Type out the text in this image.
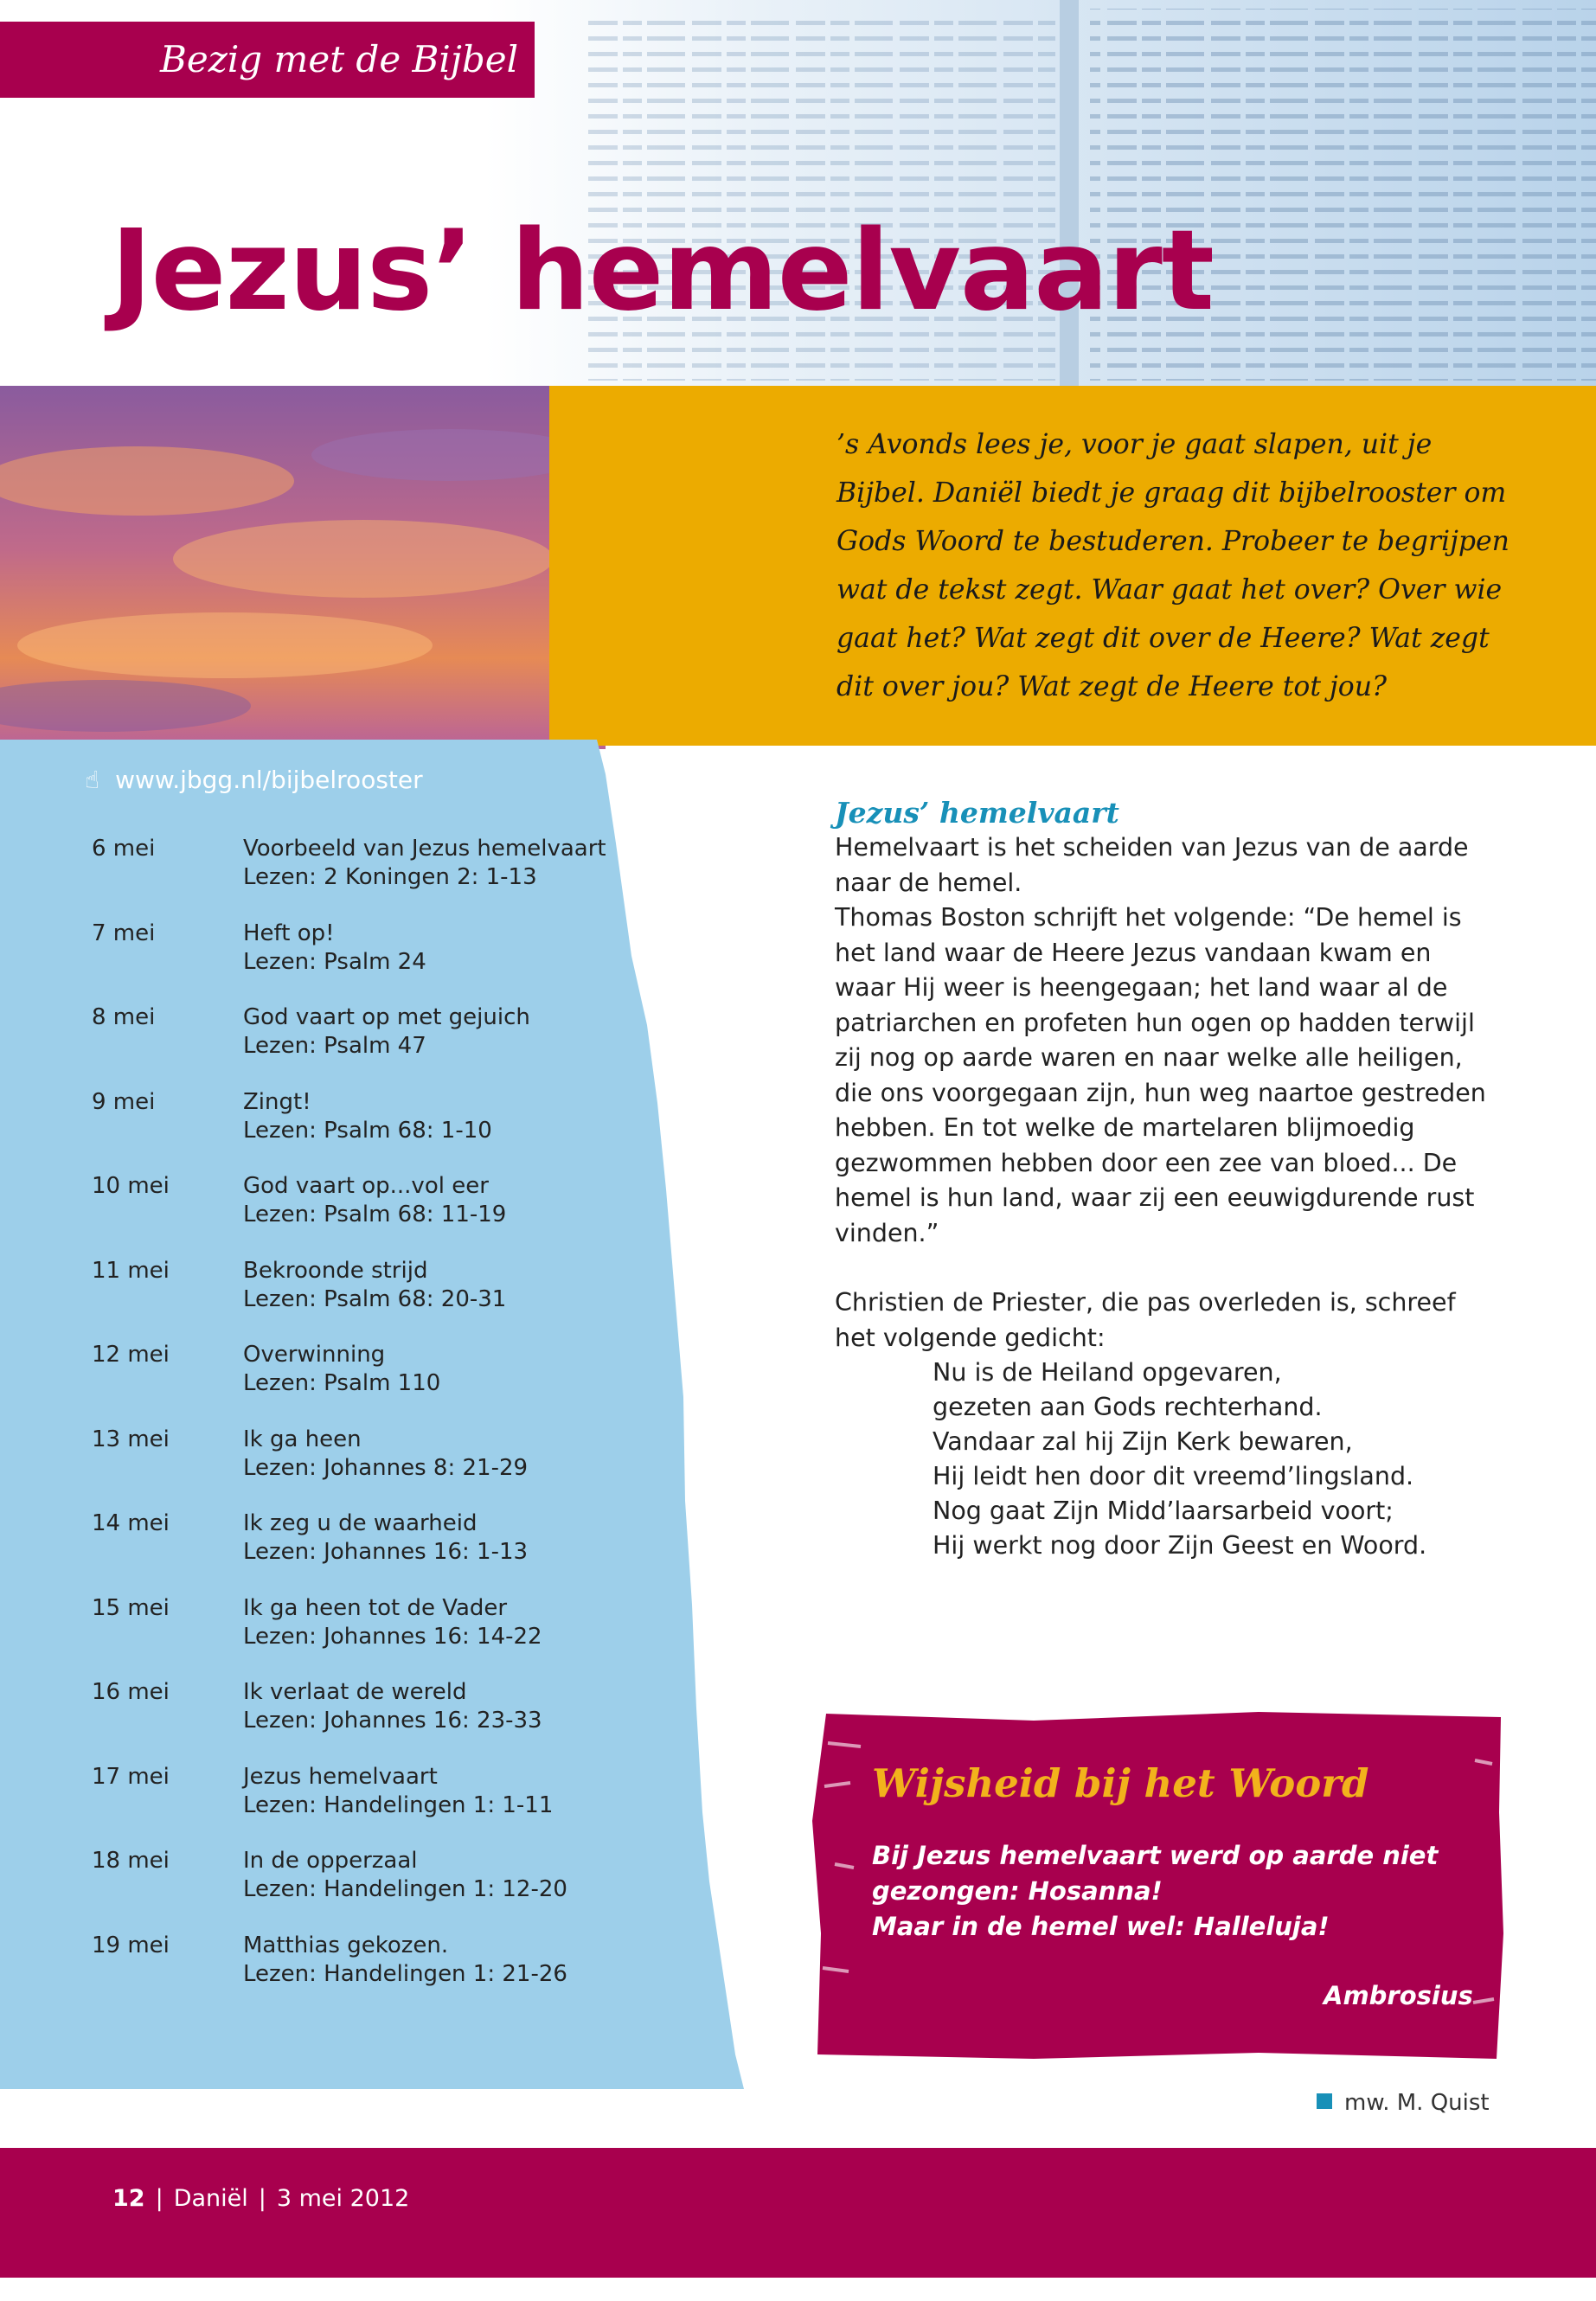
Bezig met de Bijbel
Jezus’ hemelvaart
’s Avonds lees je, voor je gaat slapen, uit je Bijbel. Daniël biedt je graag dit bijbelrooster om Gods Woord te bestuderen. Probeer te begrijpen wat de tekst zegt. Waar gaat het over? Over wie gaat het? Wat zegt dit over de Heere? Wat zegt dit over jou? Wat zegt de Heere tot jou?
☝ www.jbgg.nl/bijbelrooster
6 mei	Voorbeeld van Jezus hemelvaart
Lezen: 2 Koningen 2: 1-13
7 mei	Heft op!
Lezen: Psalm 24
8 mei	God vaart op met gejuich
Lezen: Psalm 47
9 mei	Zingt!
Lezen: Psalm 68: 1-10
10 mei	God vaart op...vol eer
Lezen: Psalm 68: 11-19
11 mei	Bekroonde strijd
Lezen: Psalm 68: 20-31
12 mei	Overwinning
Lezen: Psalm 110
13 mei	Ik ga heen
Lezen: Johannes 8: 21-29
14 mei	Ik zeg u de waarheid
Lezen: Johannes 16: 1-13
15 mei	Ik ga heen tot de Vader
Lezen: Johannes 16: 14-22
16 mei	Ik verlaat de wereld
Lezen: Johannes 16: 23-33
17 mei	Jezus hemelvaart
Lezen: Handelingen 1: 1-11
18 mei	In de opperzaal
Lezen: Handelingen 1: 12-20
19 mei	Matthias gekozen.
Lezen: Handelingen 1: 21-26
Jezus’ hemelvaart

Hemelvaart is het scheiden van Jezus van de aarde naar de hemel.

Thomas Boston schrijft het volgende: “De hemel is het land waar de Heere Jezus vandaan kwam en waar Hij weer is heengegaan; het land waar al de patriarchen en profeten hun ogen op hadden terwijl zij nog op aarde waren en naar welke alle heiligen, die ons voorgegaan zijn, hun weg naartoe gestreden hebben. En tot welke de martelaren blijmoedig gezwommen hebben door een zee van bloed... De hemel is hun land, waar zij een eeuwigdurende rust vinden.”

Christien de Priester, die pas overleden is, schreef het volgende gedicht:

Nu is de Heiland opgevaren,
gezeten aan Gods rechterhand.
Vandaar zal hij Zijn Kerk bewaren,
Hij leidt hen door dit vreemd’lingsland.
Nog gaat Zijn Midd’laarsarbeid voort;
Hij werkt nog door Zijn Geest en Woord.
Wijsheid bij het Woord
Bij Jezus hemelvaart werd op aarde niet
gezongen: Hosanna!
Maar in de hemel wel: Halleluja!
Ambrosius
mw. M. Quist
12 | Daniël | 3 mei 2012
